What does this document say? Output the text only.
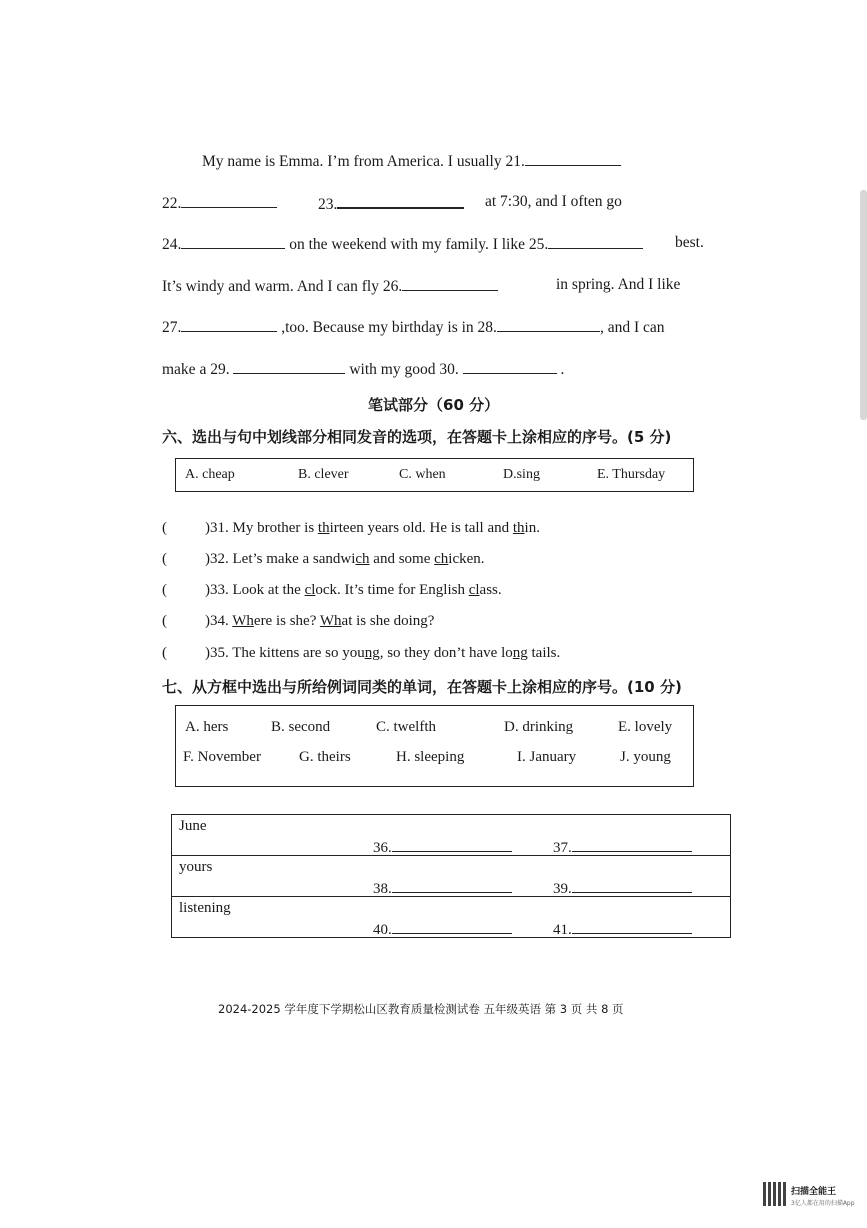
My name is Emma. I’m from America. I usually 21.
22.	23.	at 7:30, and I often go
24.	on the weekend with my family. I like 25.	best.
It’s windy and warm. And I can fly 26.	in spring. And I like
27.	,too. Because my birthday is in 28.	, and I can
make a 29.	with my good 30.	.
笔试部分（60 分）
六、选出与句中划线部分相同发音的选项，在答题卡上涂相应的序号。(5 分)
A. cheap	B. clever	C. when	D.sing	E. Thursday
(	)31. My brother is thirteen years old. He is tall and thin.
(	)32. Let’s make a sandwich and some chicken.
(	)33. Look at the clock. It’s time for English class.
(	)34. Where is she? What is she doing?
(	)35. The kittens are so young, so they don’t have long tails.
七、从方框中选出与所给例词同类的单词，在答题卡上涂相应的序号。(10 分)
A. hers	B. second	C. twelfth	D. drinking	E. lovely
F. November	G. theirs	H. sleeping	I. January	J. young
June
36.	37.

yours
38.	39.

listening
40.	41.
2024-2025 学年度下学期松山区教育质量检测试卷 五年级英语 第 3 页 共 8 页
扫描全能王
3亿人都在用的扫描App
